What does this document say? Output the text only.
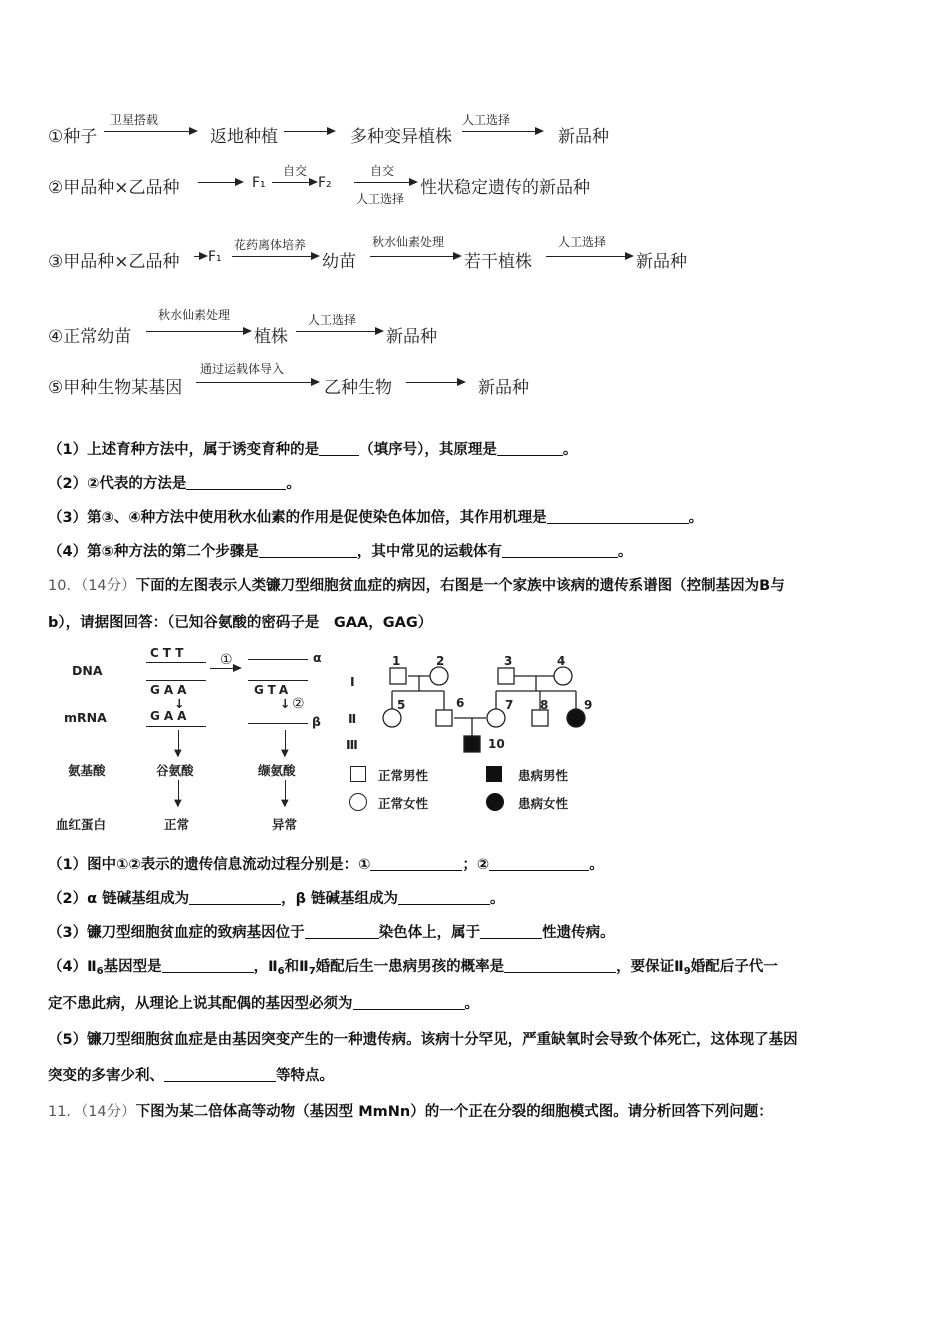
①种子
卫星搭载
返地种植	多种变异植株
人工选择
新品种
②甲品种×乙品种	F₁
自交
F₂
自交
人工选择
性状稳定遗传的新品种
③甲品种×乙品种 F₁
花药离体培养
幼苗
秋水仙素处理
若干植株
人工选择
新品种
④正常幼苗
秋水仙素处理
植株
人工选择
新品种
⑤甲种生物某基因
通过运载体导入
乙种生物	新品种
（1）上述育种方法中，属于诱变育种的是	（填序号），其原理是	。
（2）②代表的方法是	。
（3）第③、④种方法中使用秋水仙素的作用是促使染色体加倍，其作用机理是	。
（4）第⑤种方法的第二个步骤是	，其中常见的运载体有	。
10．（14分）下面的左图表示人类镰刀型细胞贫血症的病因，右图是一个家族中该病的遗传系谱图（控制基因为B与
b），请据图回答：（已知谷氨酸的密码子是　GAA，GAG）
DNA
mRNA
氨基酸
血红蛋白
CTT
GAA
↓
GAA
▼
谷氨酸
▼
正常
①	α
GTA
↓ ②
β
▼
缬氨酸
▼
异常
Ⅰ
Ⅱ
Ⅲ
1	2	3	4
5	6	7 8	9
10
正常男性	患病男性
正常女性	患病女性
（1）图中①②表示的遗传信息流动过程分别是：①	；②	。
（2）α 链碱基组成为	，β 链碱基组成为	。
（3）镰刀型细胞贫血症的致病基因位于	染色体上，属于	性遗传病。
$(4)Ⅱ_6$基因型是	，$Ⅱ_6$和$Ⅱ_7$婚配后生一患病男孩的概率是	，要保证$Ⅱ_9$婚配后子代一
定不患此病，从理论上说其配偶的基因型必须为	。
（5）镰刀型细胞贫血症是由基因突变产生的一种遗传病。该病十分罕见，严重缺氧时会导致个体死亡，这体现了基因
突变的多害少利、	等特点。
11．（14分）下图为某二倍体高等动物（基因型 MmNn）的一个正在分裂的细胞模式图。请分析回答下列问题：
